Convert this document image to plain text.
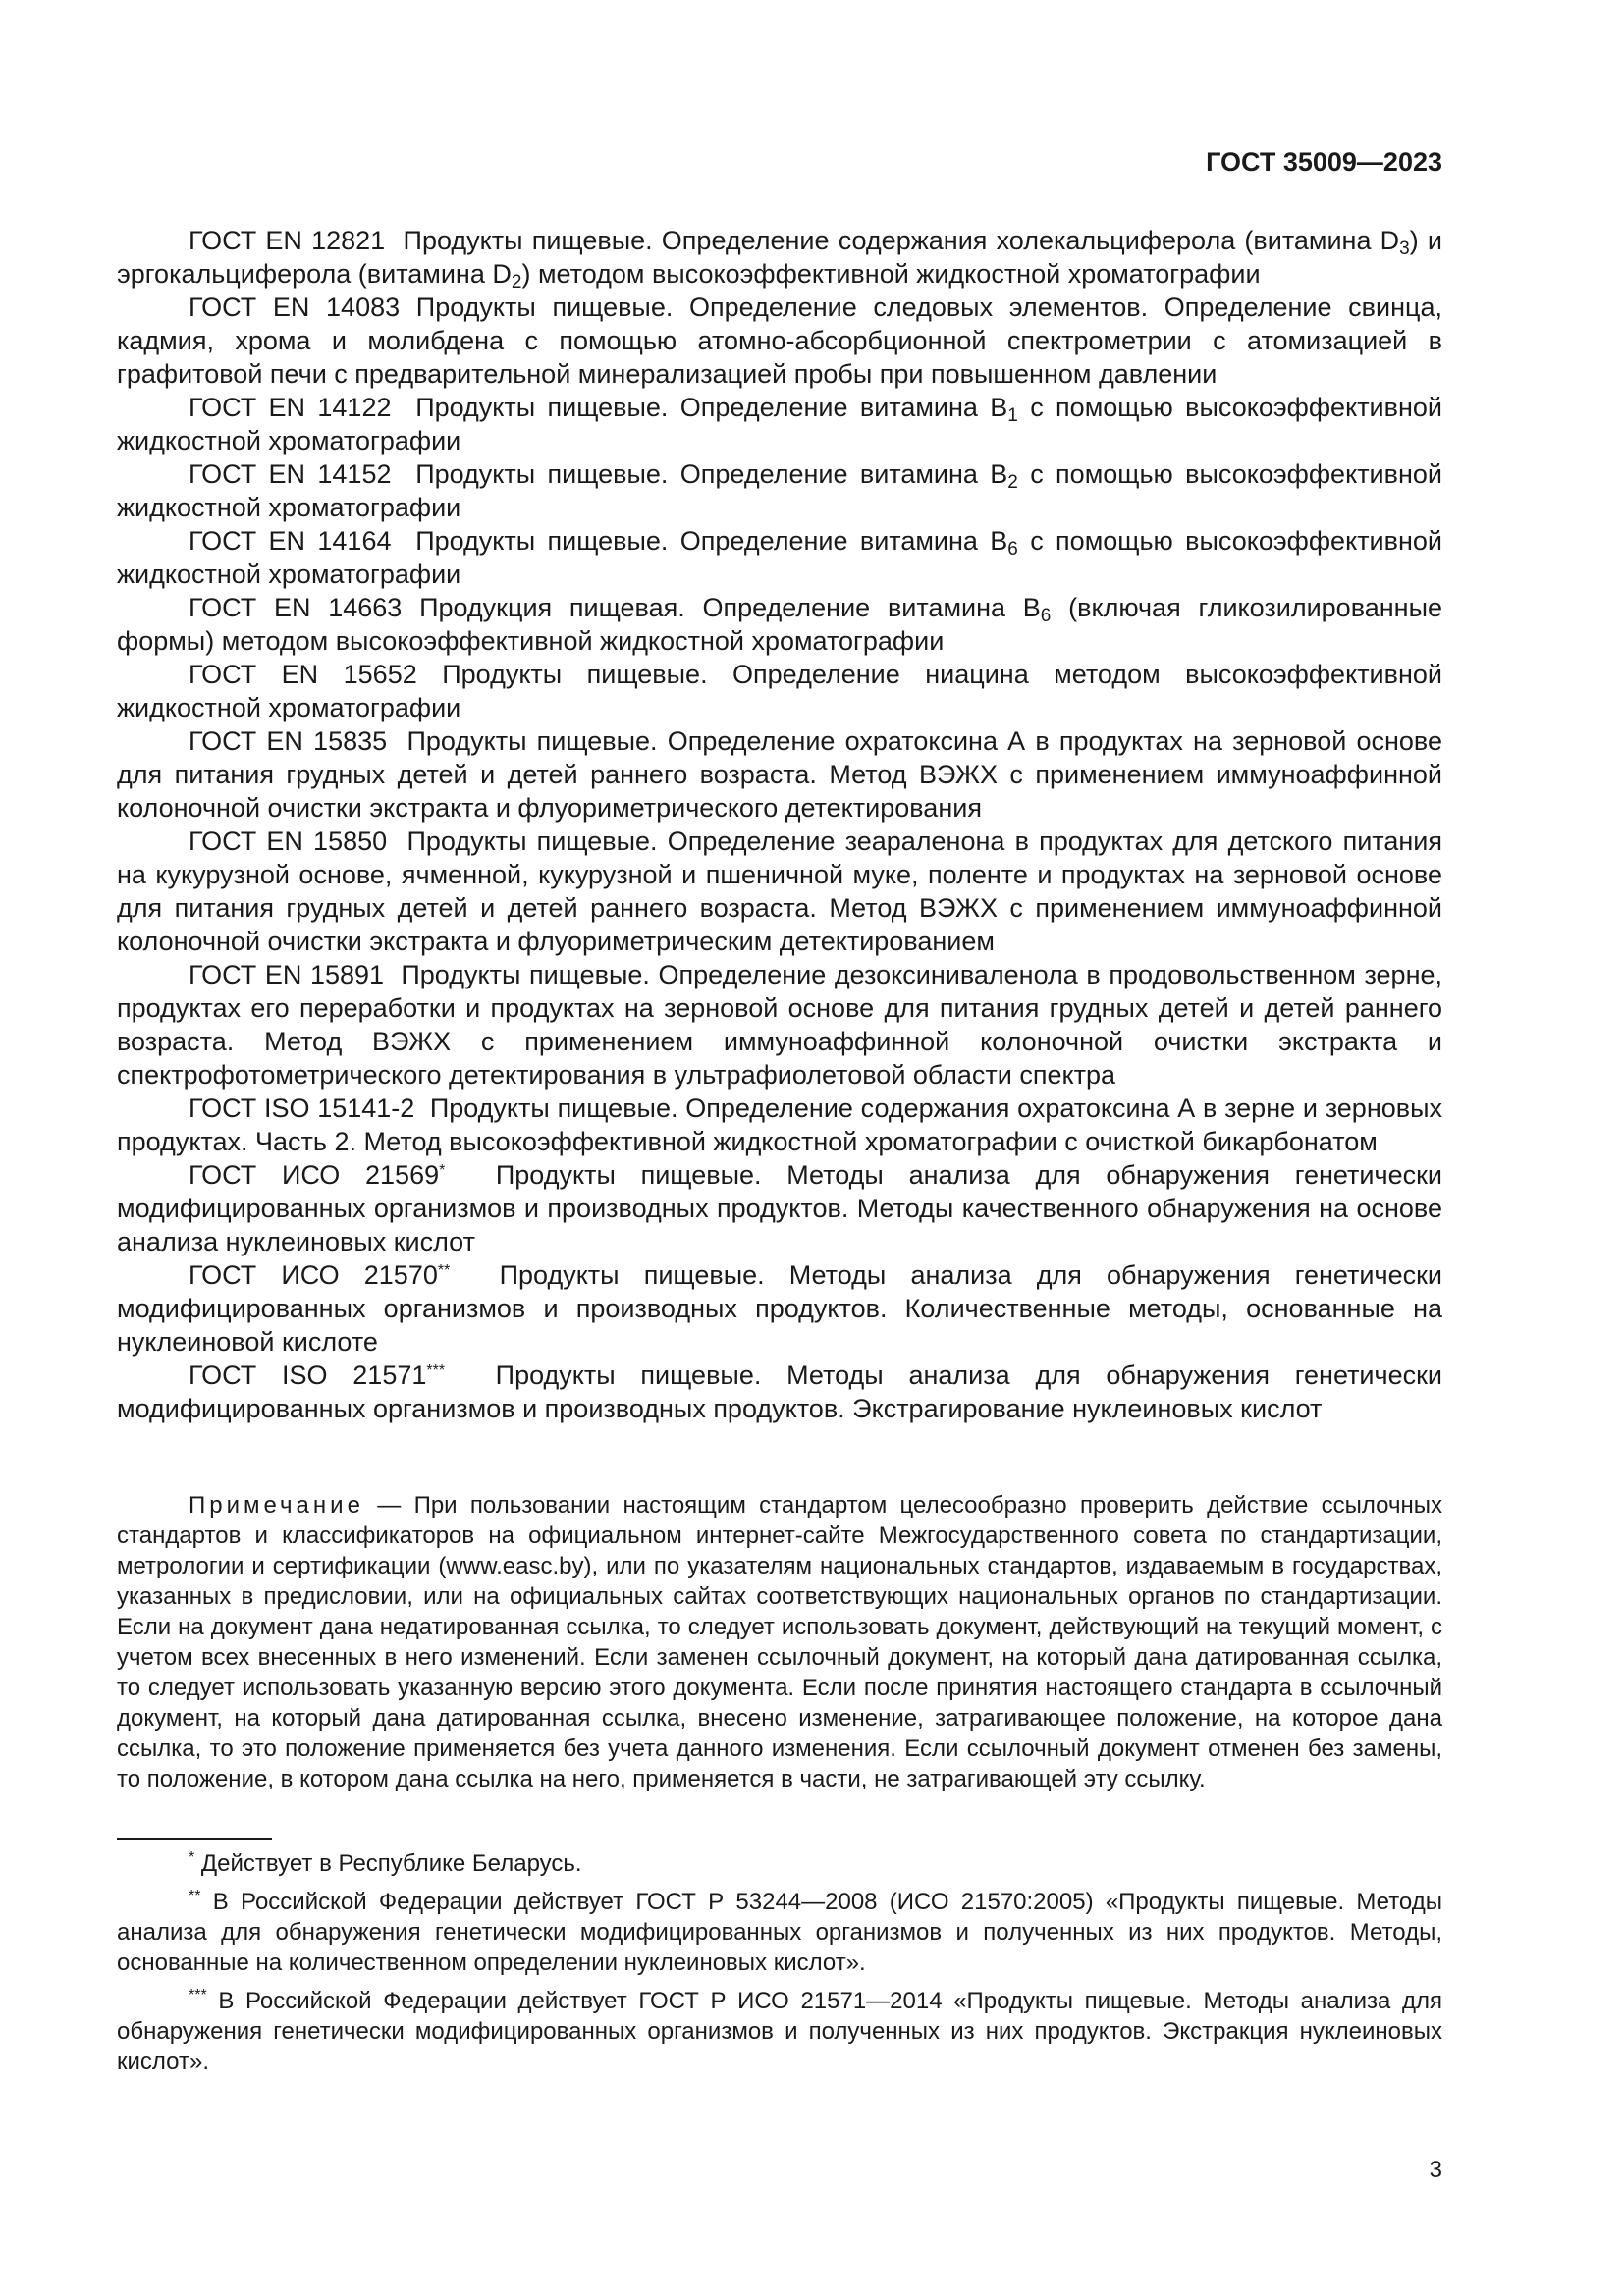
ГОСТ 35009—2023

ГОСТ EN 12821 Продукты пищевые. Определение содержания холекальциферола (витамина $D_3$) и эргокальциферола (витамина $D_2$) методом высокоэффективной жидкостной хроматографии

ГОСТ EN 14083 Продукты пищевые. Определение следовых элементов. Определение свинца, кадмия, хрома и молибдена с помощью атомно-абсорбционной спектрометрии с атомизацией в графитовой печи с предварительной минерализацией пробы при повышенном давлении

ГОСТ EN 14122 Продукты пищевые. Определение витамина $B_1$ с помощью высокоэффективной жидкостной хроматографии

ГОСТ EN 14152 Продукты пищевые. Определение витамина $B_2$ с помощью высокоэффективной жидкостной хроматографии

ГОСТ EN 14164 Продукты пищевые. Определение витамина $B_6$ с помощью высокоэффективной жидкостной хроматографии

ГОСТ EN 14663 Продукция пищевая. Определение витамина $B_6$ (включая гликозилированные формы) методом высокоэффективной жидкостной хроматографии

ГОСТ EN 15652 Продукты пищевые. Определение ниацина методом высокоэффективной жидкостной хроматографии

ГОСТ EN 15835 Продукты пищевые. Определение охратоксина А в продуктах на зерновой основе для питания грудных детей и детей раннего возраста. Метод ВЭЖХ с применением иммуноаффинной колоночной очистки экстракта и флуориметрического детектирования

ГОСТ EN 15850 Продукты пищевые. Определение зеараленона в продуктах для детского питания на кукурузной основе, ячменной, кукурузной и пшеничной муке, поленте и продуктах на зерновой основе для питания грудных детей и детей раннего возраста. Метод ВЭЖХ с применением иммуноаффинной колоночной очистки экстракта и флуориметрическим детектированием

ГОСТ EN 15891 Продукты пищевые. Определение дезоксиниваленола в продовольственном зерне, продуктах его переработки и продуктах на зерновой основе для питания грудных детей и детей раннего возраста. Метод ВЭЖХ с применением иммуноаффинной колоночной очистки экстракта и спектрофотометрического детектирования в ультрафиолетовой области спектра

ГОСТ ISO 15141-2 Продукты пищевые. Определение содержания охратоксина А в зерне и зерновых продуктах. Часть 2. Метод высокоэффективной жидкостной хроматографии с очисткой бикарбонатом

ГОСТ ИСО 21569* Продукты пищевые. Методы анализа для обнаружения генетически модифицированных организмов и производных продуктов. Методы качественного обнаружения на основе анализа нуклеиновых кислот

ГОСТ ИСО 21570** Продукты пищевые. Методы анализа для обнаружения генетически модифицированных организмов и производных продуктов. Количественные методы, основанные на нуклеиновой кислоте

ГОСТ ISO 21571*** Продукты пищевые. Методы анализа для обнаружения генетически модифицированных организмов и производных продуктов. Экстрагирование нуклеиновых кислот

Примечание — При пользовании настоящим стандартом целесообразно проверить действие ссылочных стандартов и классификаторов на официальном интернет-сайте Межгосударственного совета по стандартизации, метрологии и сертификации (www.easc.by), или по указателям национальных стандартов, издаваемым в государствах, указанных в предисловии, или на официальных сайтах соответствующих национальных органов по стандартизации. Если на документ дана недатированная ссылка, то следует использовать документ, действующий на текущий момент, с учетом всех внесенных в него изменений. Если заменен ссылочный документ, на который дана датированная ссылка, то следует использовать указанную версию этого документа. Если после принятия настоящего стандарта в ссылочный документ, на который дана датированная ссылка, внесено изменение, затрагивающее положение, на которое дана ссылка, то это положение применяется без учета данного изменения. Если ссылочный документ отменен без замены, то положение, в котором дана ссылка на него, применяется в части, не затрагивающей эту ссылку.

* Действует в Республике Беларусь.

** В Российской Федерации действует ГОСТ Р 53244—2008 (ИСО 21570:2005) «Продукты пищевые. Методы анализа для обнаружения генетически модифицированных организмов и полученных из них продуктов. Методы, основанные на количественном определении нуклеиновых кислот».

*** В Российской Федерации действует ГОСТ Р ИСО 21571—2014 «Продукты пищевые. Методы анализа для обнаружения генетически модифицированных организмов и полученных из них продуктов. Экстракция нуклеиновых кислот».

3
